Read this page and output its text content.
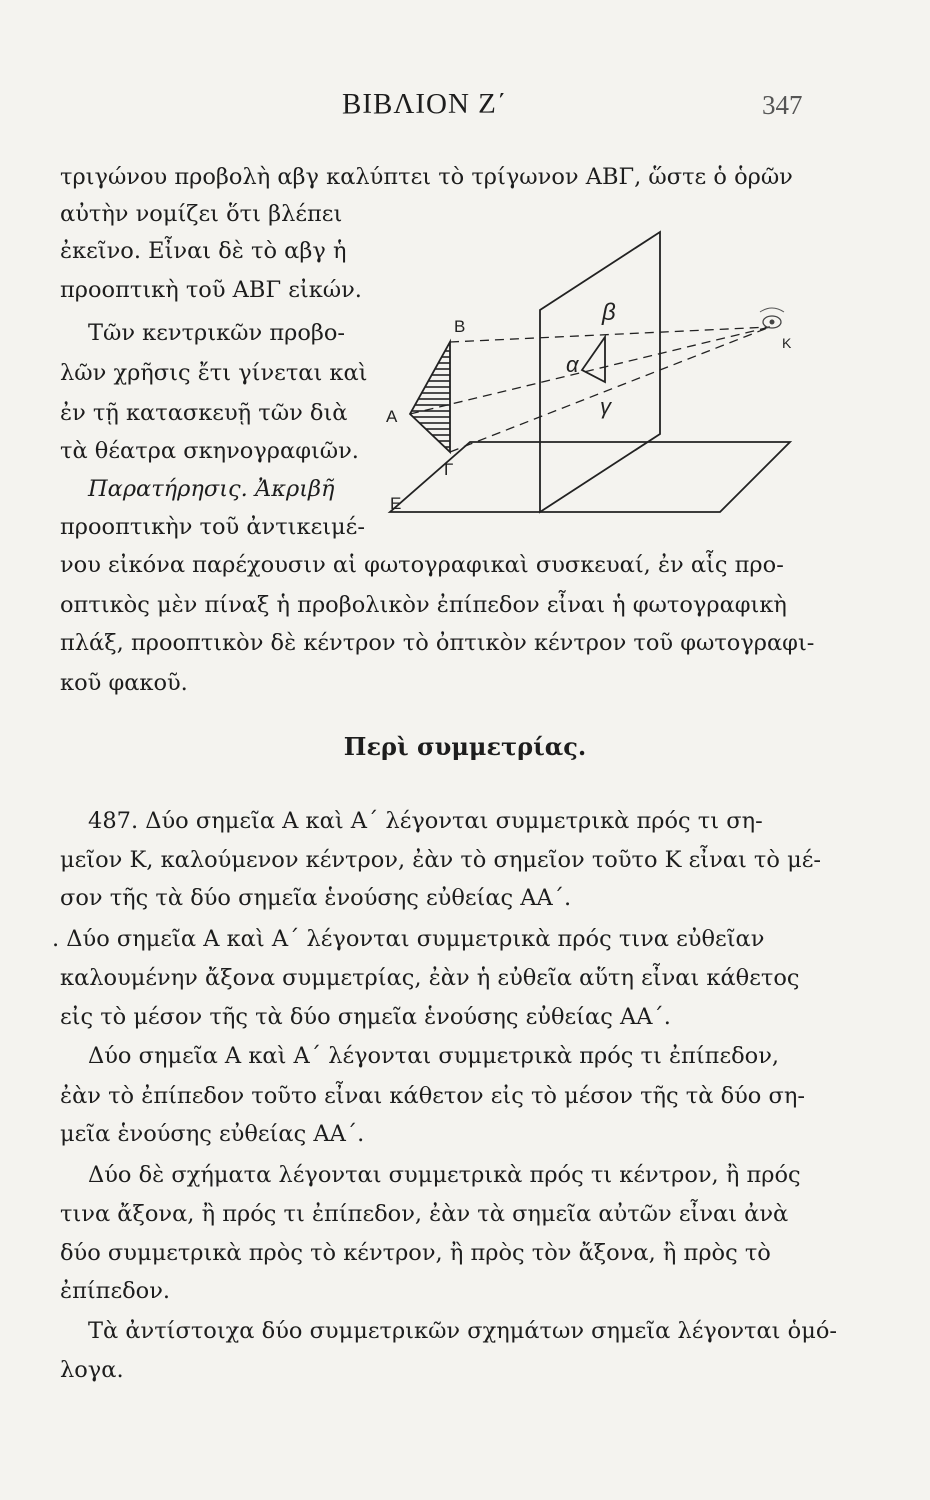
ΒΙΒΛΙΟΝ Ζ΄	347
τριγώνου προβολὴ αβγ καλύπτει τὸ τρίγωνον ΑΒΓ, ὥστε ὁ ὁρῶν
αὐτὴν νομίζει ὅτι βλέπει
ἐκεῖνο. Εἶναι δὲ τὸ αβγ ἡ
προοπτικὴ τοῦ ΑΒΓ εἰκών.
Τῶν κεντρικῶν προβο-
λῶν χρῆσις ἔτι γίνεται καὶ
ἐν τῇ κατασκευῇ τῶν διὰ
τὰ θέατρα σκηνογραφιῶν.
Παρατήρησις. Ἀκριβῆ
προοπτικὴν τοῦ ἀντικειμέ-
νου εἰκόνα παρέχουσιν αἱ φωτογραφικαὶ συσκευαί, ἐν αἷς προ-
οπτικὸς μὲν πίναξ ἡ προβολικὸν ἐπίπεδον εἶναι ἡ φωτογραφικὴ
πλάξ, προοπτικὸν δὲ κέντρον τὸ ὀπτικὸν κέντρον τοῦ φωτογραφι-
κοῦ φακοῦ.
Β
Α
Γ
Ε
β
α
γ
Κ
Περὶ συμμετρίας.
487. Δύο σημεῖα Α καὶ Α΄ λέγονται συμμετρικὰ πρός τι ση-
μεῖον Κ, καλούμενον κέντρον, ἐὰν τὸ σημεῖον τοῦτο Κ εἶναι τὸ μέ-
σον τῆς τὰ δύο σημεῖα ἑνούσης εὐθείας ΑΑ΄.
. Δύο σημεῖα Α καὶ Α΄ λέγονται συμμετρικὰ πρός τινα εὐθεῖαν
καλουμένην ἄξονα συμμετρίας, ἐὰν ἡ εὐθεῖα αὕτη εἶναι κάθετος
εἰς τὸ μέσον τῆς τὰ δύο σημεῖα ἑνούσης εὐθείας ΑΑ΄.
Δύο σημεῖα Α καὶ Α΄ λέγονται συμμετρικὰ πρός τι ἐπίπεδον,
ἐὰν τὸ ἐπίπεδον τοῦτο εἶναι κάθετον εἰς τὸ μέσον τῆς τὰ δύο ση-
μεῖα ἑνούσης εὐθείας ΑΑ΄.
Δύο δὲ σχήματα λέγονται συμμετρικὰ πρός τι κέντρον, ἢ πρός
τινα ἄξονα, ἢ πρός τι ἐπίπεδον, ἐὰν τὰ σημεῖα αὐτῶν εἶναι ἀνὰ
δύο συμμετρικὰ πρὸς τὸ κέντρον, ἢ πρὸς τὸν ἄξονα, ἢ πρὸς τὸ
ἐπίπεδον.
Τὰ ἀντίστοιχα δύο συμμετρικῶν σχημάτων σημεῖα λέγονται ὁμό-
λογα.
